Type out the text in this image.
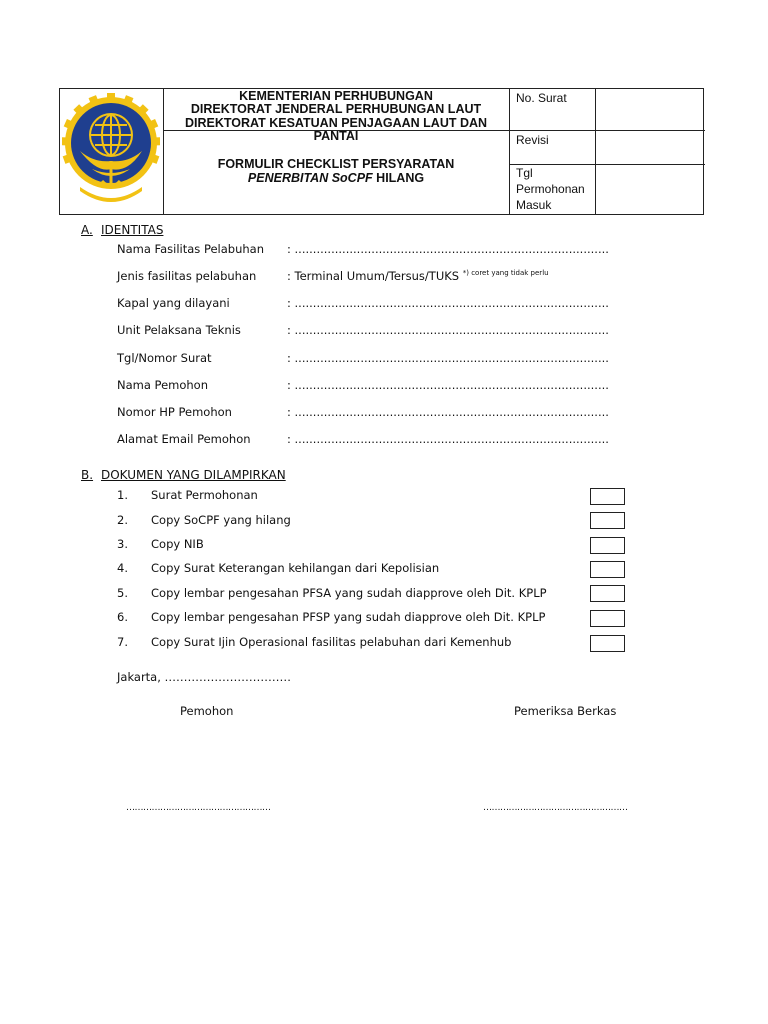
KEMENTERIAN PERHUBUNGAN
DIREKTORAT JENDERAL PERHUBUNGAN LAUT
DIREKTORAT KESATUAN PENJAGAAN LAUT DAN PANTAI
FORMULIR CHECKLIST PERSYARATAN
PENERBITAN SoCPF HILANG
No. Surat
Revisi
Tgl
Permohonan
Masuk
A. IDENTITAS
Nama Fasilitas Pelabuhan : ......................................................................................
Jenis fasilitas pelabuhan	: Terminal Umum/Tersus/TUKS $^{*) coret yang tidak perlu}$
Kapal yang dilayani	: ......................................................................................
Unit Pelaksana Teknis	: ......................................................................................
Tgl/Nomor Surat	: ......................................................................................
Nama Pemohon	: ......................................................................................
Nomor HP Pemohon	: ......................................................................................
Alamat Email Pemohon	: ......................................................................................
B. DOKUMEN YANG DILAMPIRKAN
1. Surat Permohonan
2. Copy SoCPF yang hilang
3. Copy NIB
4. Copy Surat Keterangan kehilangan dari Kepolisian
5. Copy lembar pengesahan PFSA yang sudah diapprove oleh Dit. KPLP
6. Copy lembar pengesahan PFSP yang sudah diapprove oleh Dit. KPLP
7. Copy Surat Ijin Operasional fasilitas pelabuhan dari Kemenhub
Jakarta, ……………………………
Pemohon	Pemeriksa Berkas
……………………………………………	……………………………………………
